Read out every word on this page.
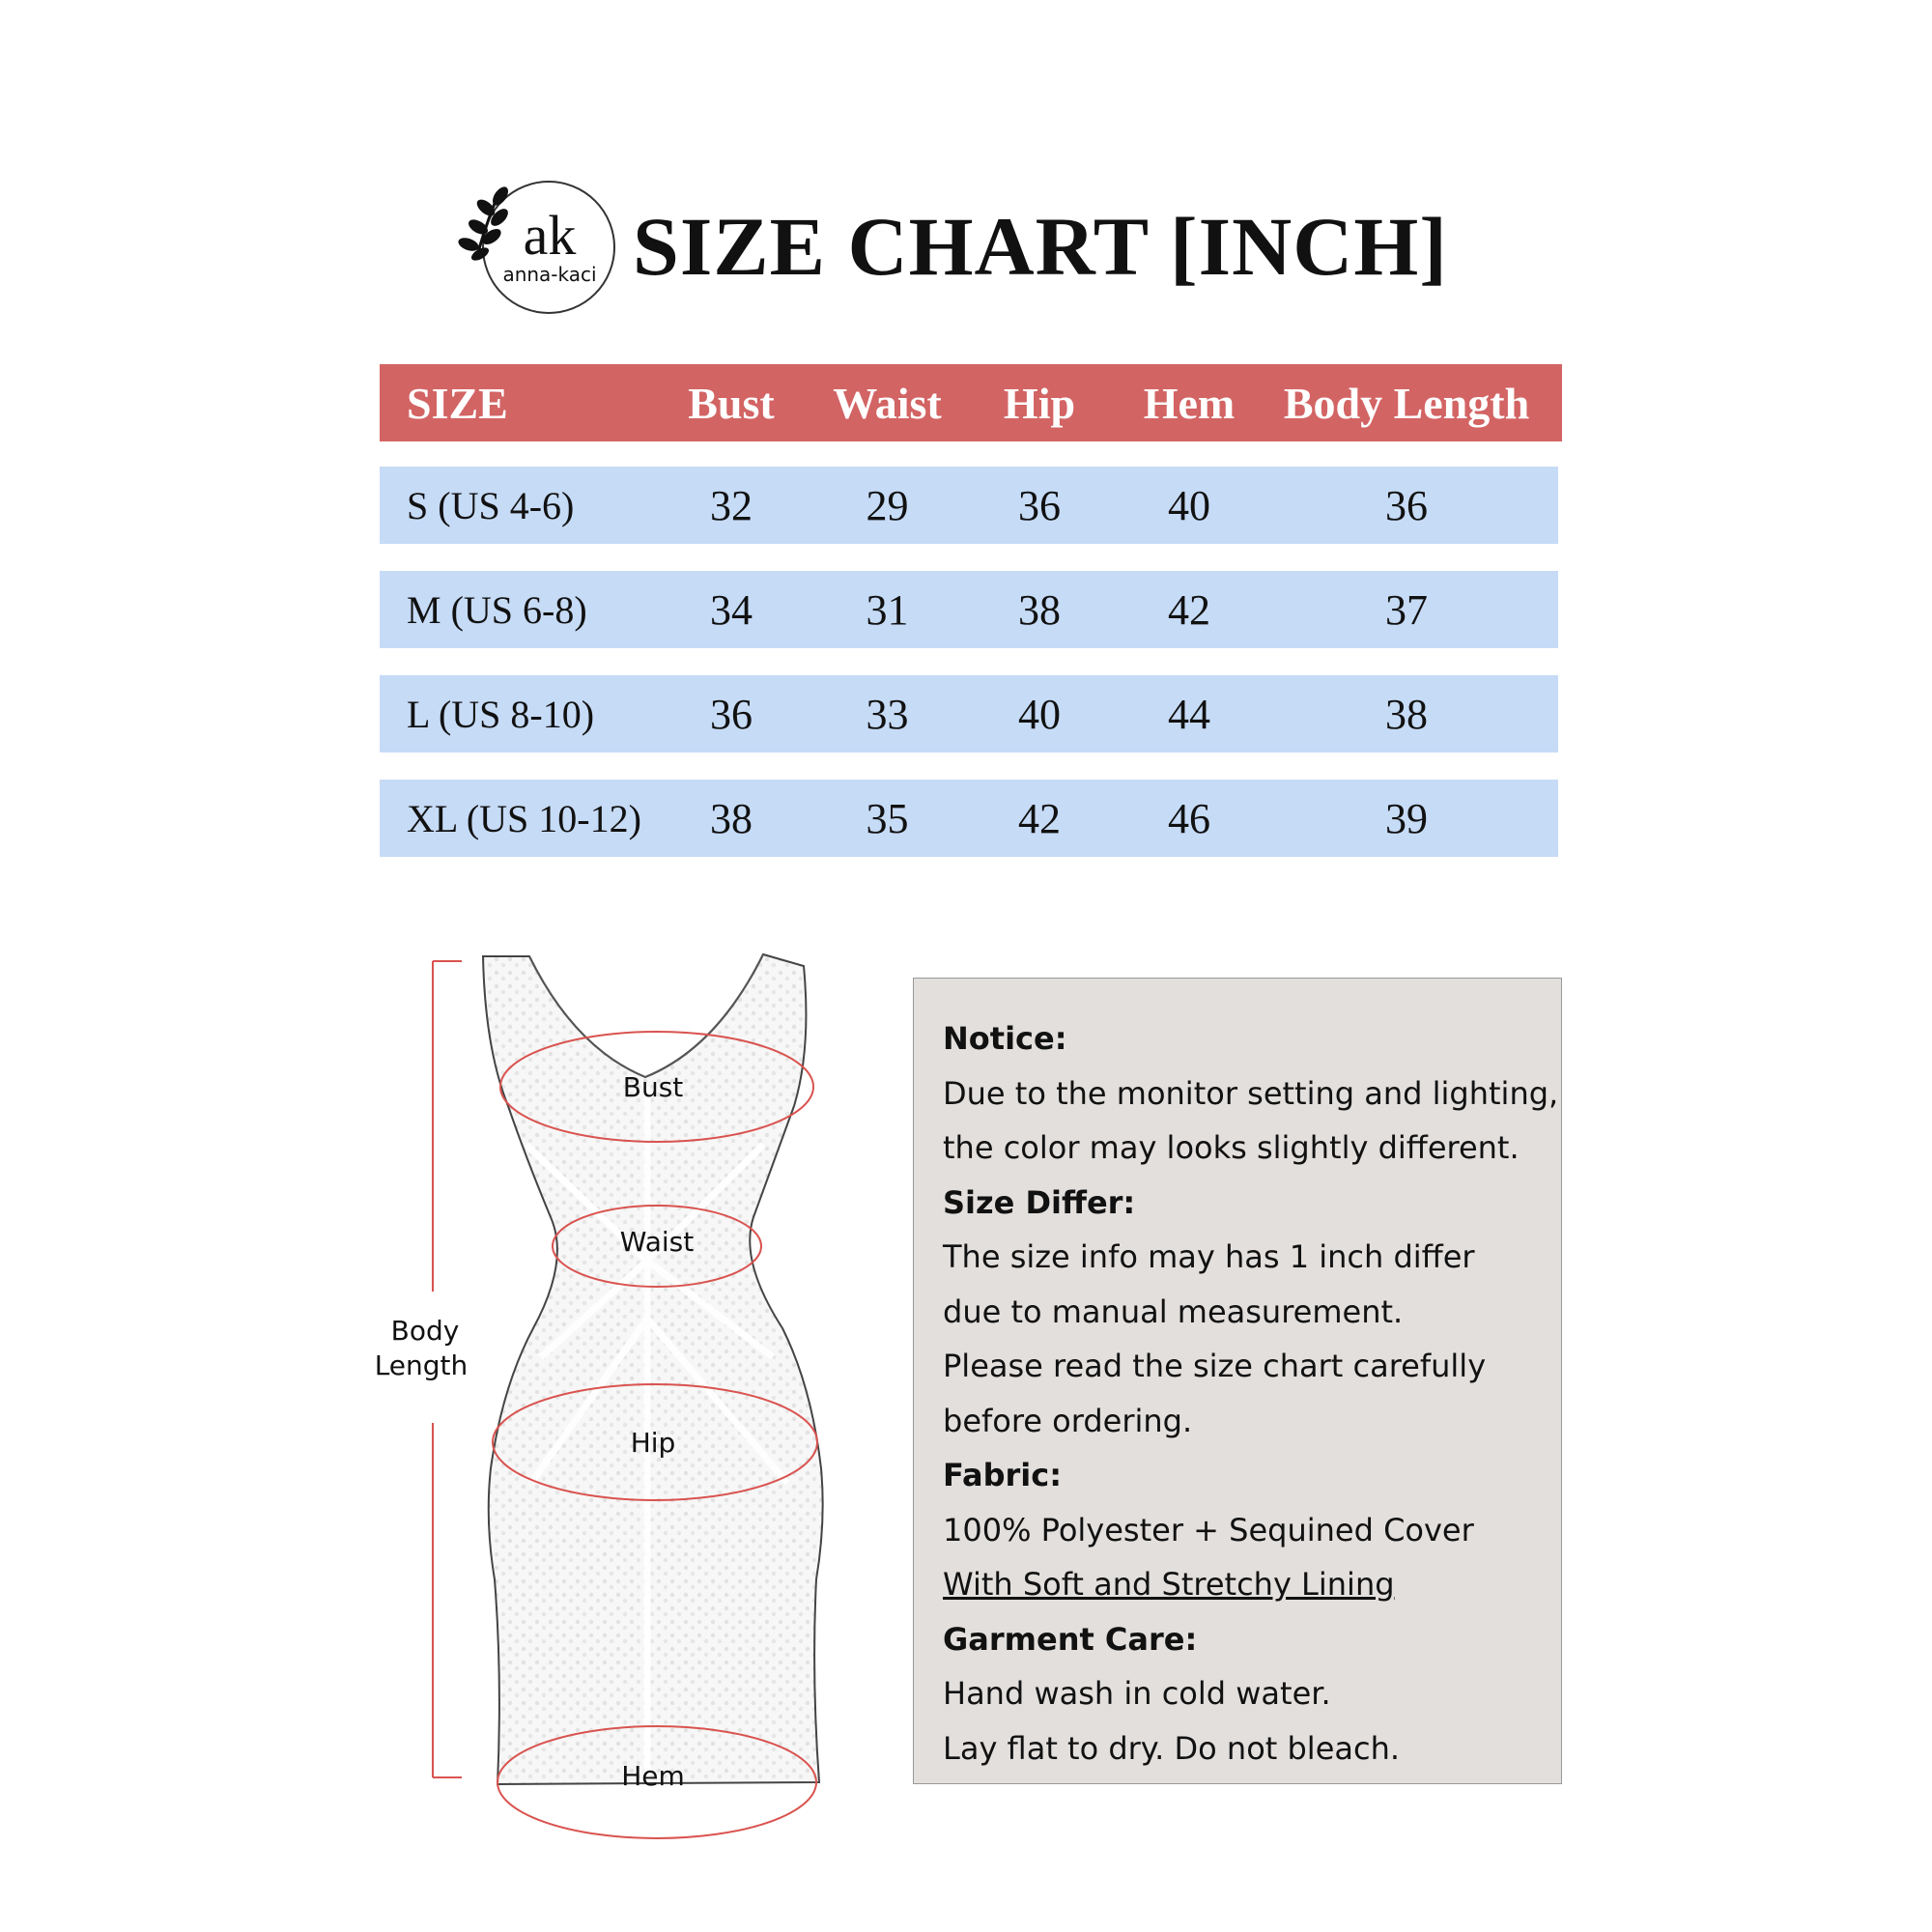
ak
anna-kaci SIZE CHART [INCH]
SIZE	Bust	Waist	Hip	Hem	Body Length
S (US 4-6)	32	29	36	40	36
M (US 6-8)	34	31	38	42	37
L (US 8-10)	36	33	40	44	38
XL (US 10-12)	38	35	42	46	39
Bust
Waist
Hip
Hem
Body
Length
Notice:
Due to the monitor setting and lighting,
the color may looks slightly different.
Size Differ:
The size info may has 1 inch differ
due to manual measurement.
Please read the size chart carefully
before ordering.
Fabric:
100% Polyester + Sequined Cover
With Soft and Stretchy Lining
Garment Care:
Hand wash in cold water.
Lay flat to dry. Do not bleach.
